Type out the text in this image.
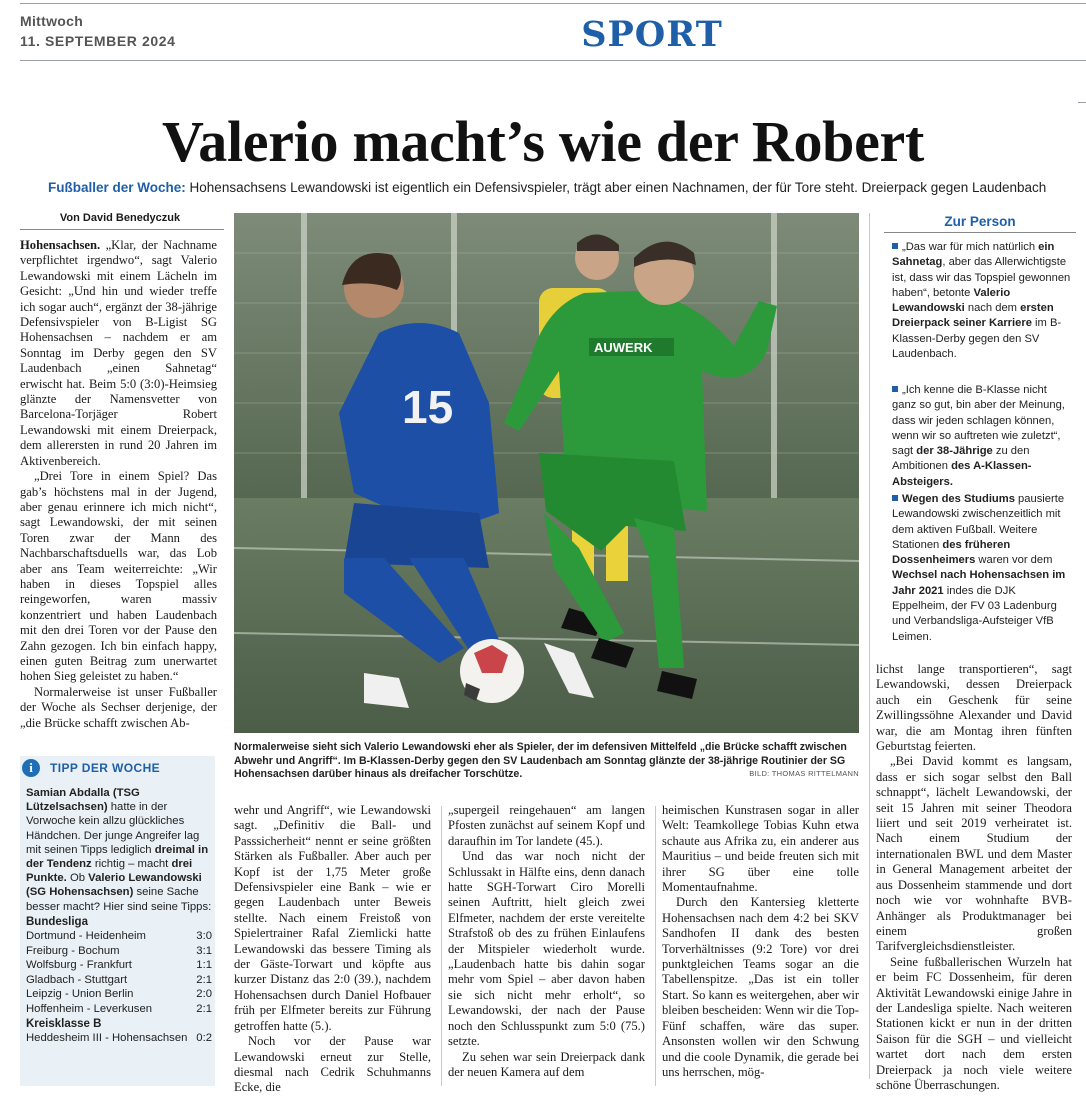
Mittwoch
11. SEPTEMBER 2024	SPORT
Valerio macht’s wie der Robert
Fußballer der Woche: Hohensachsens Lewandowski ist eigentlich ein Defensivspieler, trägt aber einen Nachnamen, der für Tore steht. Dreierpack gegen Laudenbach
Von David Benedyczuk

Hohensachsen. „Klar, der Nachname verpflichtet irgendwo“, sagt Valerio Lewandowski mit einem Lächeln im Gesicht: „Und hin und wieder treffe ich sogar auch“, ergänzt der 38-jährige Defensivspieler von B-Ligist SG Hohensachsen – nachdem er am Sonntag im Derby gegen den SV Laudenbach „einen Sahnetag“ erwischt hat. Beim 5:0 (3:0)-Heimsieg glänzte der Namensvetter von Barcelona-Torjäger Robert Lewandowski mit einem Dreierpack, dem allerersten in rund 20 Jahren im Aktivenbereich.

„Drei Tore in einem Spiel? Das gab’s höchstens mal in der Jugend, aber genau erinnere ich mich nicht“, sagt Lewandowski, der mit seinen Toren zwar der Mann des Nachbarschaftsduells war, das Lob aber ans Team weiterreichte: „Wir haben in dieses Topspiel alles reingeworfen, waren massiv konzentriert und haben Laudenbach mit den drei Toren vor der Pause den Zahn gezogen. Ich bin einfach happy, einen guten Beitrag zum unerwartet hohen Sieg geleistet zu haben.“

Normalerweise ist unser Fußballer der Woche als Sechser derjenige, der „die Brücke schafft zwischen Ab-

AUWERK
15
Normalerweise sieht sich Valerio Lewandowski eher als Spieler, der im defensiven Mittelfeld „die Brücke schafft zwischen Abwehr und Angriff“. Im B-Klassen-Derby gegen den SV Laudenbach am Sonntag glänzte der 38-jährige Routinier der SG Hohensachsen darüber hinaus als dreifacher Torschütze.	BILD: THOMAS RITTELMANN
i	TIPP DER WOCHE
Samian Abdalla (TSG Lützelsachsen) hatte in der Vorwoche kein allzu glückliches Händchen. Der junge Angreifer lag mit seinen Tipps lediglich dreimal in der Tendenz richtig – macht drei Punkte. Ob Valerio Lewandowski (SG Hohensachsen) seine Sache besser macht? Hier sind seine Tipps:
Bundesliga
Dortmund - Heidenheim	3:0
Freiburg - Bochum	3:1
Wolfsburg - Frankfurt	1:1
Gladbach - Stuttgart	2:1
Leipzig - Union Berlin	2:0
Hoffenheim - Leverkusen	2:1
Kreisklasse B
Heddesheim III - Hohensachsen 0:2

wehr und Angriff“, wie Lewandowski sagt. „Definitiv die Ball- und Passsicherheit“ nennt er seine größten Stärken als Fußballer. Aber auch per Kopf ist der 1,75 Meter große Defensivspieler eine Bank – wie er gegen Laudenbach unter Beweis stellte. Nach einem Freistoß von Spielertrainer Rafal Ziemlicki hatte Lewandowski das bessere Timing als der Gäste-Torwart und köpfte aus kurzer Distanz das 2:0 (39.), nachdem Hohensachsen durch Daniel Hofbauer früh per Elfmeter bereits zur Führung getroffen hatte (5.).

Noch vor der Pause war Lewandowski erneut zur Stelle, diesmal nach Cedrik Schuhmanns Ecke, die

„supergeil reingehauen“ am langen Pfosten zunächst auf seinem Kopf und daraufhin im Tor landete (45.).

Und das war noch nicht der Schlussakt in Hälfte eins, denn danach hatte SGH-Torwart Ciro Morelli seinen Auftritt, hielt gleich zwei Elfmeter, nachdem der erste vereitelte Strafstoß ob des zu frühen Einlaufens der Mitspieler wiederholt wurde. „Laudenbach hatte bis dahin sogar mehr vom Spiel – aber davon haben sie sich nicht mehr erholt“, so Lewandowski, der nach der Pause noch den Schlusspunkt zum 5:0 (75.) setzte.

Zu sehen war sein Dreierpack dank der neuen Kamera auf dem

heimischen Kunstrasen sogar in aller Welt: Teamkollege Tobias Kuhn etwa schaute aus Afrika zu, ein anderer aus Mauritius – und beide freuten sich mit ihrer SG über eine tolle Momentaufnahme.

Durch den Kantersieg kletterte Hohensachsen nach dem 4:2 bei SKV Sandhofen II dank des besten Torverhältnisses (9:2 Tore) vor drei punktgleichen Teams sogar an die Tabellenspitze. „Das ist ein toller Start. So kann es weitergehen, aber wir bleiben bescheiden: Wenn wir die Top-Fünf schaffen, wäre das super. Ansonsten wollen wir den Schwung und die coole Dynamik, die gerade bei uns herrschen, mög-

lichst lange transportieren“, sagt Lewandowski, dessen Dreierpack auch ein Geschenk für seine Zwillingssöhne Alexander und David war, die am Montag ihren fünften Geburtstag feierten.

„Bei David kommt es langsam, dass er sich sogar selbst den Ball schnappt“, lächelt Lewandowski, der seit 15 Jahren mit seiner Theodora liiert und seit 2019 verheiratet ist. Nach einem Studium der internationalen BWL und dem Master in General Management arbeitet der aus Dossenheim stammende und dort noch wie vor wohnhafte BVB-Anhänger als Produktmanager bei einem großen Tarifvergleichsdienstleister.

Seine fußballerischen Wurzeln hat er beim FC Dossenheim, für deren Aktivität Lewandowski einige Jahre in der Landesliga spielte. Nach weiteren Stationen kickt er nun in der dritten Saison für die SGH – und vielleicht wartet dort nach dem ersten Dreierpack ja noch viele weitere schöne Überraschungen.

Zur Person

„Das war für mich natürlich ein Sahnetag, aber das Allerwichtigste ist, dass wir das Topspiel gewonnen haben“, betonte Valerio Lewandowski nach dem ersten Dreierpack seiner Karriere im B-Klassen-Derby gegen den SV Laudenbach.

„Ich kenne die B-Klasse nicht ganz so gut, bin aber der Meinung, dass wir jeden schlagen können, wenn wir so auftreten wie zuletzt“, sagt der 38-Jährige zu den Ambitionen des A-Klassen-Absteigers.

Wegen des Studiums pausierte Lewandowski zwischenzeitlich mit dem aktiven Fußball. Weitere Stationen des früheren Dossenheimers waren vor dem Wechsel nach Hohensachsen im Jahr 2021 indes die DJK Eppelheim, der FV 03 Ladenburg und Verbandsliga-Aufsteiger VfB Leimen.
